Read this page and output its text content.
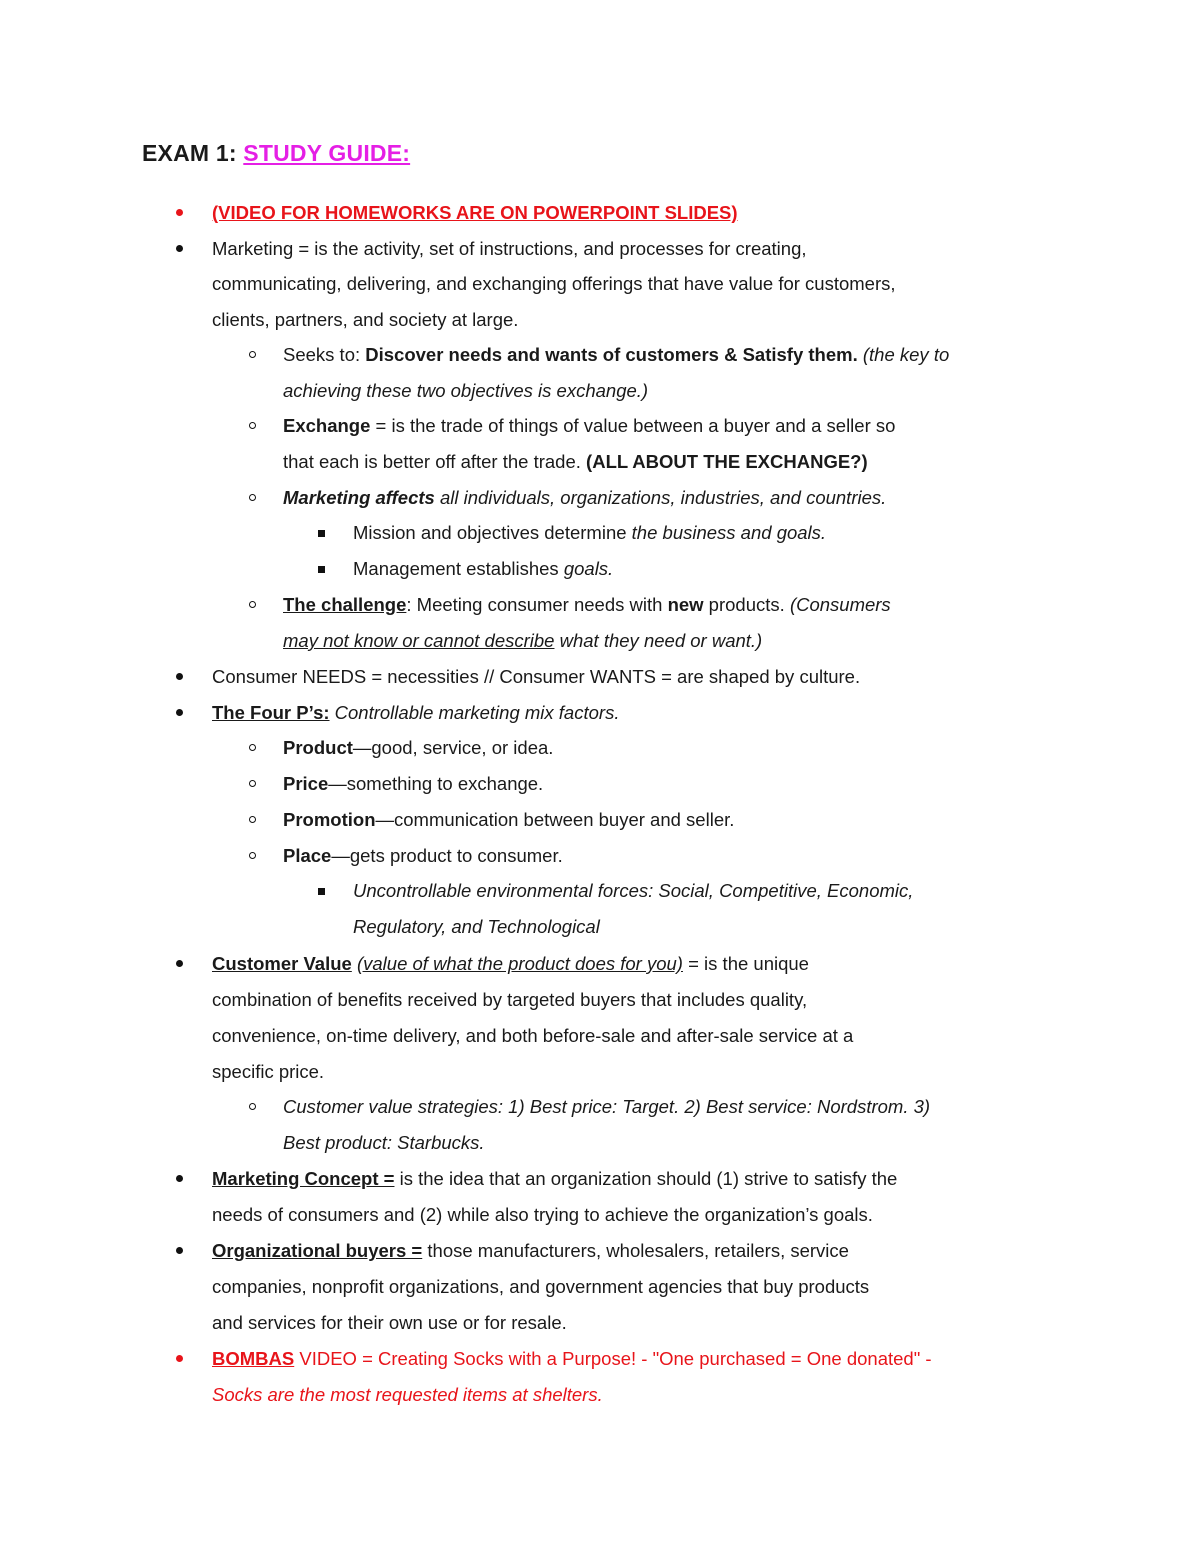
EXAM 1: STUDY GUIDE:
(VIDEO FOR HOMEWORKS ARE ON POWERPOINT SLIDES)
Marketing = is the activity, set of instructions, and processes for creating,
communicating, delivering, and exchanging offerings that have value for customers,
clients, partners, and society at large.
Seeks to: Discover needs and wants of customers & Satisfy them. (the key to
achieving these two objectives is exchange.)
Exchange = is the trade of things of value between a buyer and a seller so
that each is better off after the trade. (ALL ABOUT THE EXCHANGE?)
Marketing affects all individuals, organizations, industries, and countries.
Mission and objectives determine the business and goals.
Management establishes goals.
The challenge: Meeting consumer needs with new products. (Consumers
may not know or cannot describe what they need or want.)
Consumer NEEDS = necessities // Consumer WANTS = are shaped by culture.
The Four P’s: Controllable marketing mix factors.
Product—good, service, or idea.
Price—something to exchange.
Promotion—communication between buyer and seller.
Place—gets product to consumer.
Uncontrollable environmental forces: Social, Competitive, Economic,
Regulatory, and Technological
Customer Value (value of what the product does for you) = is the unique
combination of benefits received by targeted buyers that includes quality,
convenience, on-time delivery, and both before-sale and after-sale service at a
specific price.
Customer value strategies: 1) Best price: Target. 2) Best service: Nordstrom. 3)
Best product: Starbucks.
Marketing Concept = is the idea that an organization should (1) strive to satisfy the
needs of consumers and (2) while also trying to achieve the organization’s goals.
Organizational buyers = those manufacturers, wholesalers, retailers, service
companies, nonprofit organizations, and government agencies that buy products
and services for their own use or for resale.
BOMBAS VIDEO = Creating Socks with a Purpose! - "One purchased = One donated" -
Socks are the most requested items at shelters.
